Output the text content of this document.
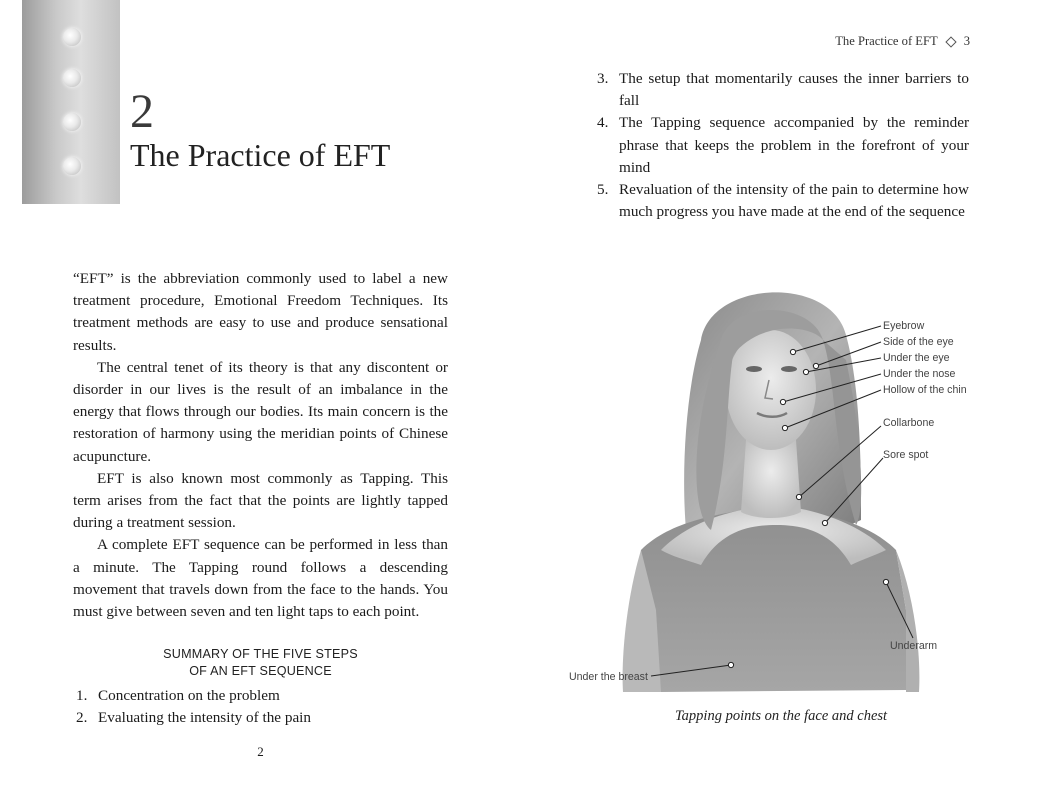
2
The Practice of EFT

“EFT” is the abbreviation commonly used to label a new treatment procedure, Emotional Freedom Techniques. Its treatment methods are easy to use and produce sensational results.

The central tenet of its theory is that any discontent or disorder in our lives is the result of an imbalance in the energy that flows through our bodies. Its main concern is the restoration of harmony using the meridian points of Chinese acupuncture.

EFT is also known most commonly as Tapping. This term arises from the fact that the points are lightly tapped during a treatment session.

A complete EFT sequence can be performed in less than a minute. The Tapping round follows a descending movement that travels down from the face to the hands. You must give between seven and ten light taps to each point.

SUMMARY OF THE FIVE STEPS
OF AN EFT SEQUENCE
1. Concentration on the problem
2. Evaluating the intensity of the pain
2
The Practice of EFT 3
3. The setup that momentarily causes the inner barriers to fall
4. The Tapping sequence accompanied by the reminder phrase that keeps the problem in the forefront of your mind
5. Revaluation of the intensity of the pain to determine how much progress you have made at the end of the sequence
Eyebrow
Side of the eye
Under the eye
Under the nose
Hollow of the chin
Collarbone
Sore spot
Underarm
Under the breast
Tapping points on the face and chest
